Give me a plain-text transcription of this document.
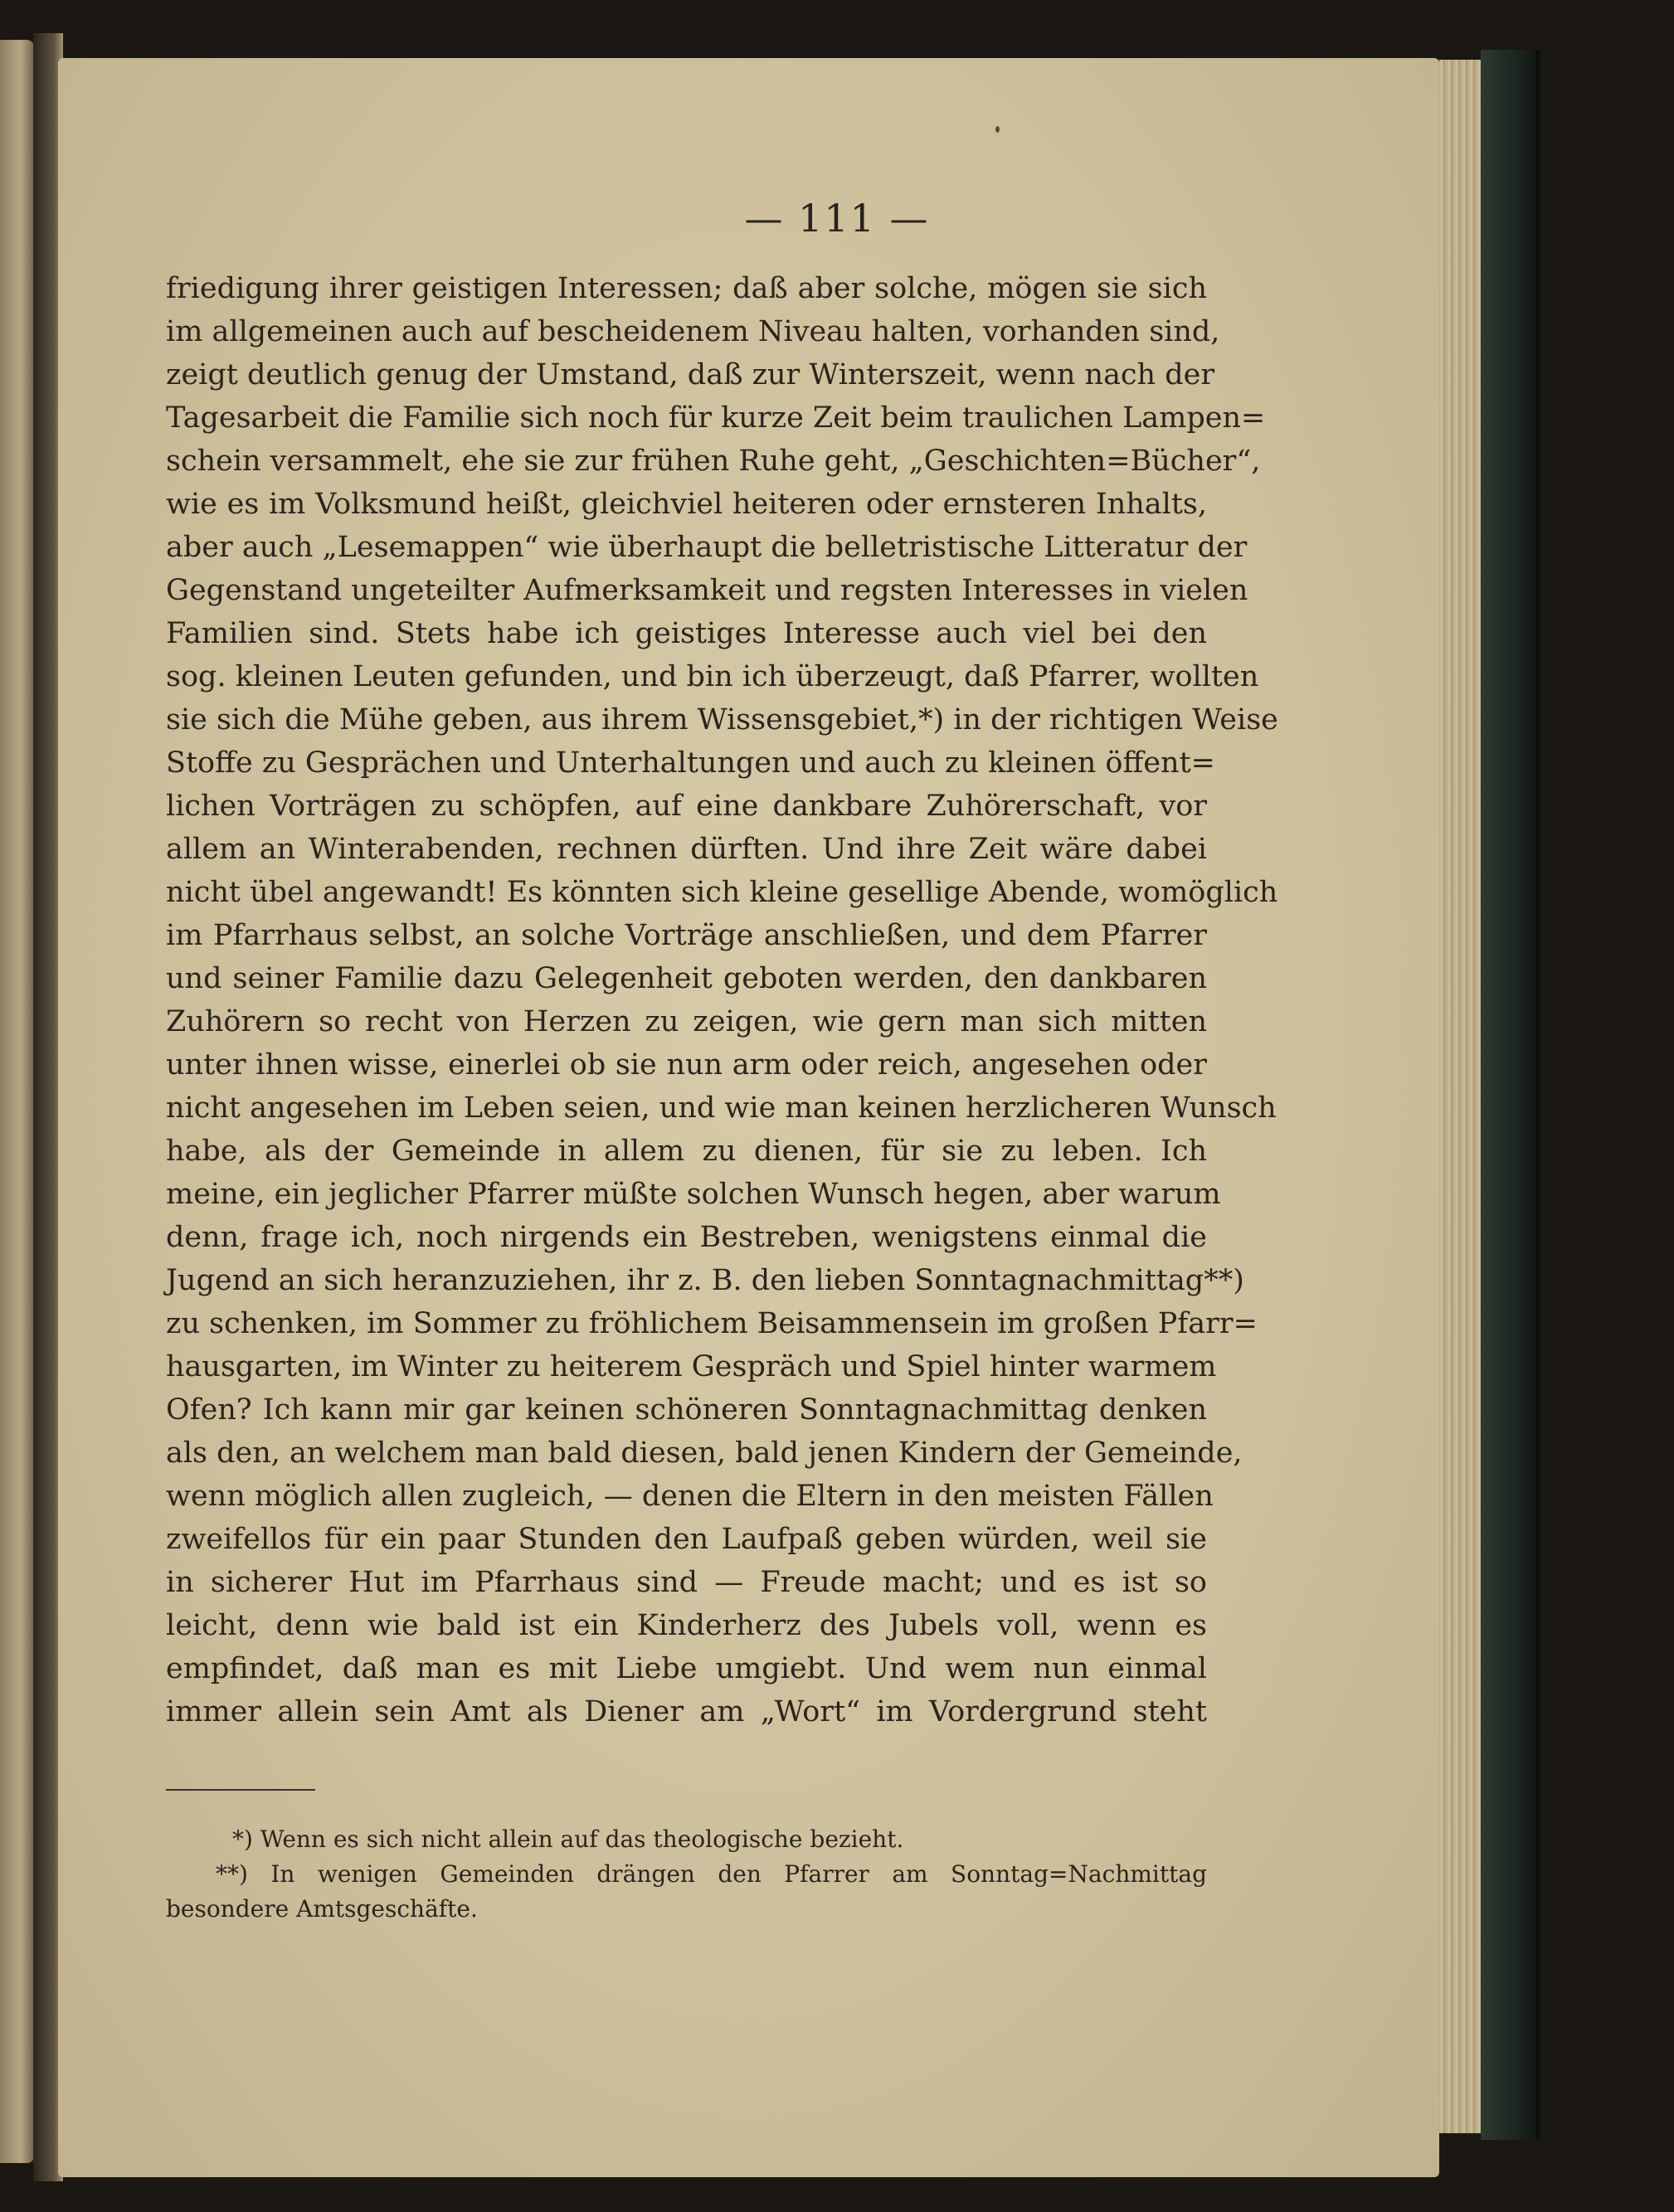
— 111 —
friedigung ihrer geistigen Interessen; daß aber solche, mögen sie sich
im allgemeinen auch auf bescheidenem Niveau halten, vorhanden sind,
zeigt deutlich genug der Umstand, daß zur Winterszeit, wenn nach der
Tagesarbeit die Familie sich noch für kurze Zeit beim traulichen Lampen=
schein versammelt, ehe sie zur frühen Ruhe geht, „Geschichten=Bücher“,
wie es im Volksmund heißt, gleichviel heiteren oder ernsteren Inhalts,
aber auch „Lesemappen“ wie überhaupt die belletristische Litteratur der
Gegenstand ungeteilter Aufmerksamkeit und regsten Interesses in vielen
Familien sind. Stets habe ich geistiges Interesse auch viel bei den
sog. kleinen Leuten gefunden, und bin ich überzeugt, daß Pfarrer, wollten
sie sich die Mühe geben, aus ihrem Wissensgebiet,*) in der richtigen Weise
Stoffe zu Gesprächen und Unterhaltungen und auch zu kleinen öffent=
lichen Vorträgen zu schöpfen, auf eine dankbare Zuhörerschaft, vor
allem an Winterabenden, rechnen dürften. Und ihre Zeit wäre dabei
nicht übel angewandt! Es könnten sich kleine gesellige Abende, womöglich
im Pfarrhaus selbst, an solche Vorträge anschließen, und dem Pfarrer
und seiner Familie dazu Gelegenheit geboten werden, den dankbaren
Zuhörern so recht von Herzen zu zeigen, wie gern man sich mitten
unter ihnen wisse, einerlei ob sie nun arm oder reich, angesehen oder
nicht angesehen im Leben seien, und wie man keinen herzlicheren Wunsch
habe, als der Gemeinde in allem zu dienen, für sie zu leben. Ich
meine, ein jeglicher Pfarrer müßte solchen Wunsch hegen, aber warum
denn, frage ich, noch nirgends ein Bestreben, wenigstens einmal die
Jugend an sich heranzuziehen, ihr z. B. den lieben Sonntagnachmittag**)
zu schenken, im Sommer zu fröhlichem Beisammensein im großen Pfarr=
hausgarten, im Winter zu heiterem Gespräch und Spiel hinter warmem
Ofen? Ich kann mir gar keinen schöneren Sonntagnachmittag denken
als den, an welchem man bald diesen, bald jenen Kindern der Gemeinde,
wenn möglich allen zugleich, — denen die Eltern in den meisten Fällen
zweifellos für ein paar Stunden den Laufpaß geben würden, weil sie
in sicherer Hut im Pfarrhaus sind — Freude macht; und es ist so
leicht, denn wie bald ist ein Kinderherz des Jubels voll, wenn es
empfindet, daß man es mit Liebe umgiebt. Und wem nun einmal
immer allein sein Amt als Diener am „Wort“ im Vordergrund steht
*) Wenn es sich nicht allein auf das theologische bezieht.
**) In wenigen Gemeinden drängen den Pfarrer am Sonntag=Nachmittag
besondere Amtsgeschäfte.
